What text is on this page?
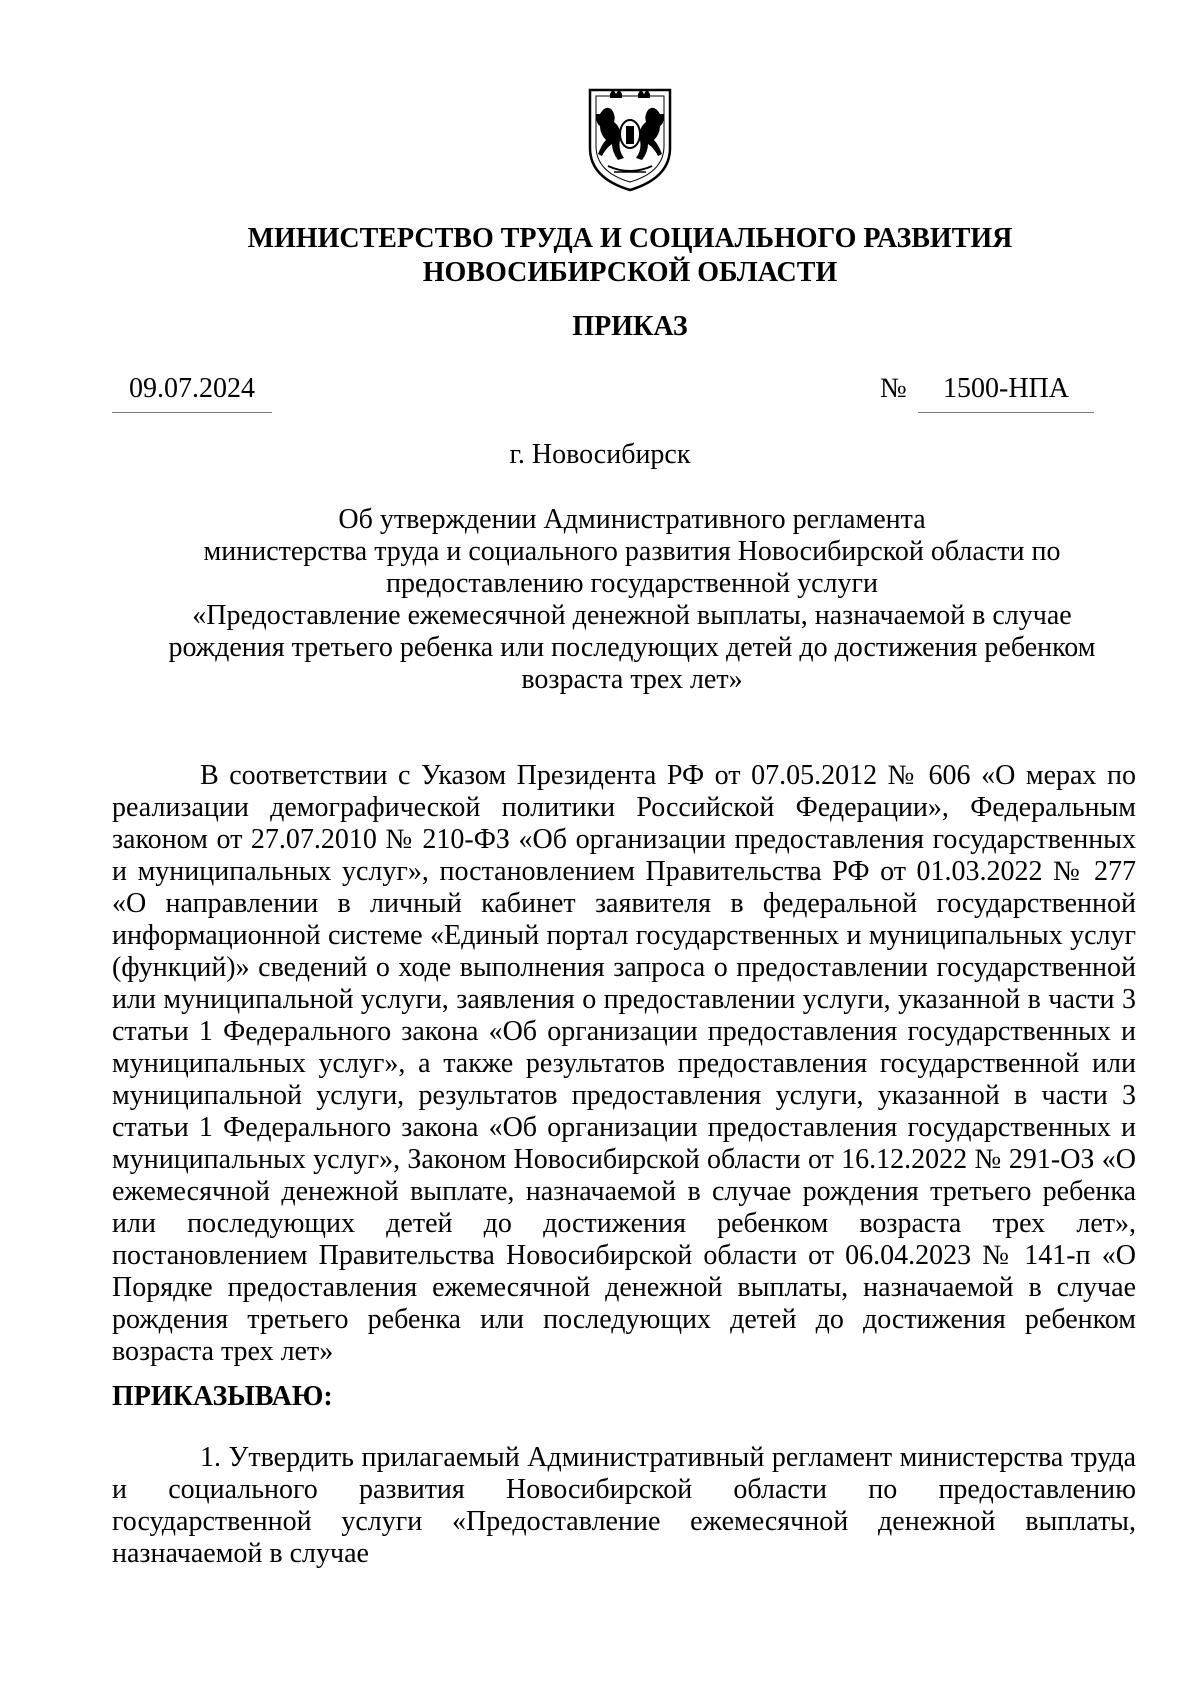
МИНИСТЕРСТВО ТРУДА И СОЦИАЛЬНОГО РАЗВИТИЯ
НОВОСИБИРСКОЙ ОБЛАСТИ
ПРИКАЗ
09.07.2024	№	1500-НПА
г. Новосибирск
Об утверждении Административного регламента
министерства труда и социального развития Новосибирской области по
предоставлению государственной услуги
«Предоставление ежемесячной денежной выплаты, назначаемой в случае
рождения третьего ребенка или последующих детей до достижения ребенком
возраста трех лет»
В соответствии с Указом Президента РФ от 07.05.2012 № 606 «О мерах по реализации демографической политики Российской Федерации», Федеральным законом от 27.07.2010 № 210-ФЗ «Об организации предоставления государственных и муниципальных услуг», постановлением Правительства РФ от 01.03.2022 № 277 «О направлении в личный кабинет заявителя в федеральной государственной информационной системе «Единый портал государственных и муниципальных услуг (функций)» сведений о ходе выполнения запроса о предоставлении государственной или муниципальной услуги, заявления о предоставлении услуги, указанной в части 3 статьи 1 Федерального закона «Об организации предоставления государственных и муниципальных услуг», а также результатов предоставления государственной или муниципальной услуги, результатов предоставления услуги, указанной в части 3 статьи 1 Федерального закона «Об организации предоставления государственных и муниципальных услуг», Законом Новосибирской области от 16.12.2022 № 291-ОЗ «О ежемесячной денежной выплате, назначаемой в случае рождения третьего ребенка или последующих детей до достижения ребенком возраста трех лет», постановлением Правительства Новосибирской области от 06.04.2023 № 141-п «О Порядке предоставления ежемесячной денежной выплаты, назначаемой в случае рождения третьего ребенка или последующих детей до достижения ребенком возраста трех лет»
ПРИКАЗЫВАЮ:
1. Утвердить прилагаемый Административный регламент министерства труда и социального развития Новосибирской области по предоставлению государственной услуги «Предоставление ежемесячной денежной выплаты, назначаемой в случае
